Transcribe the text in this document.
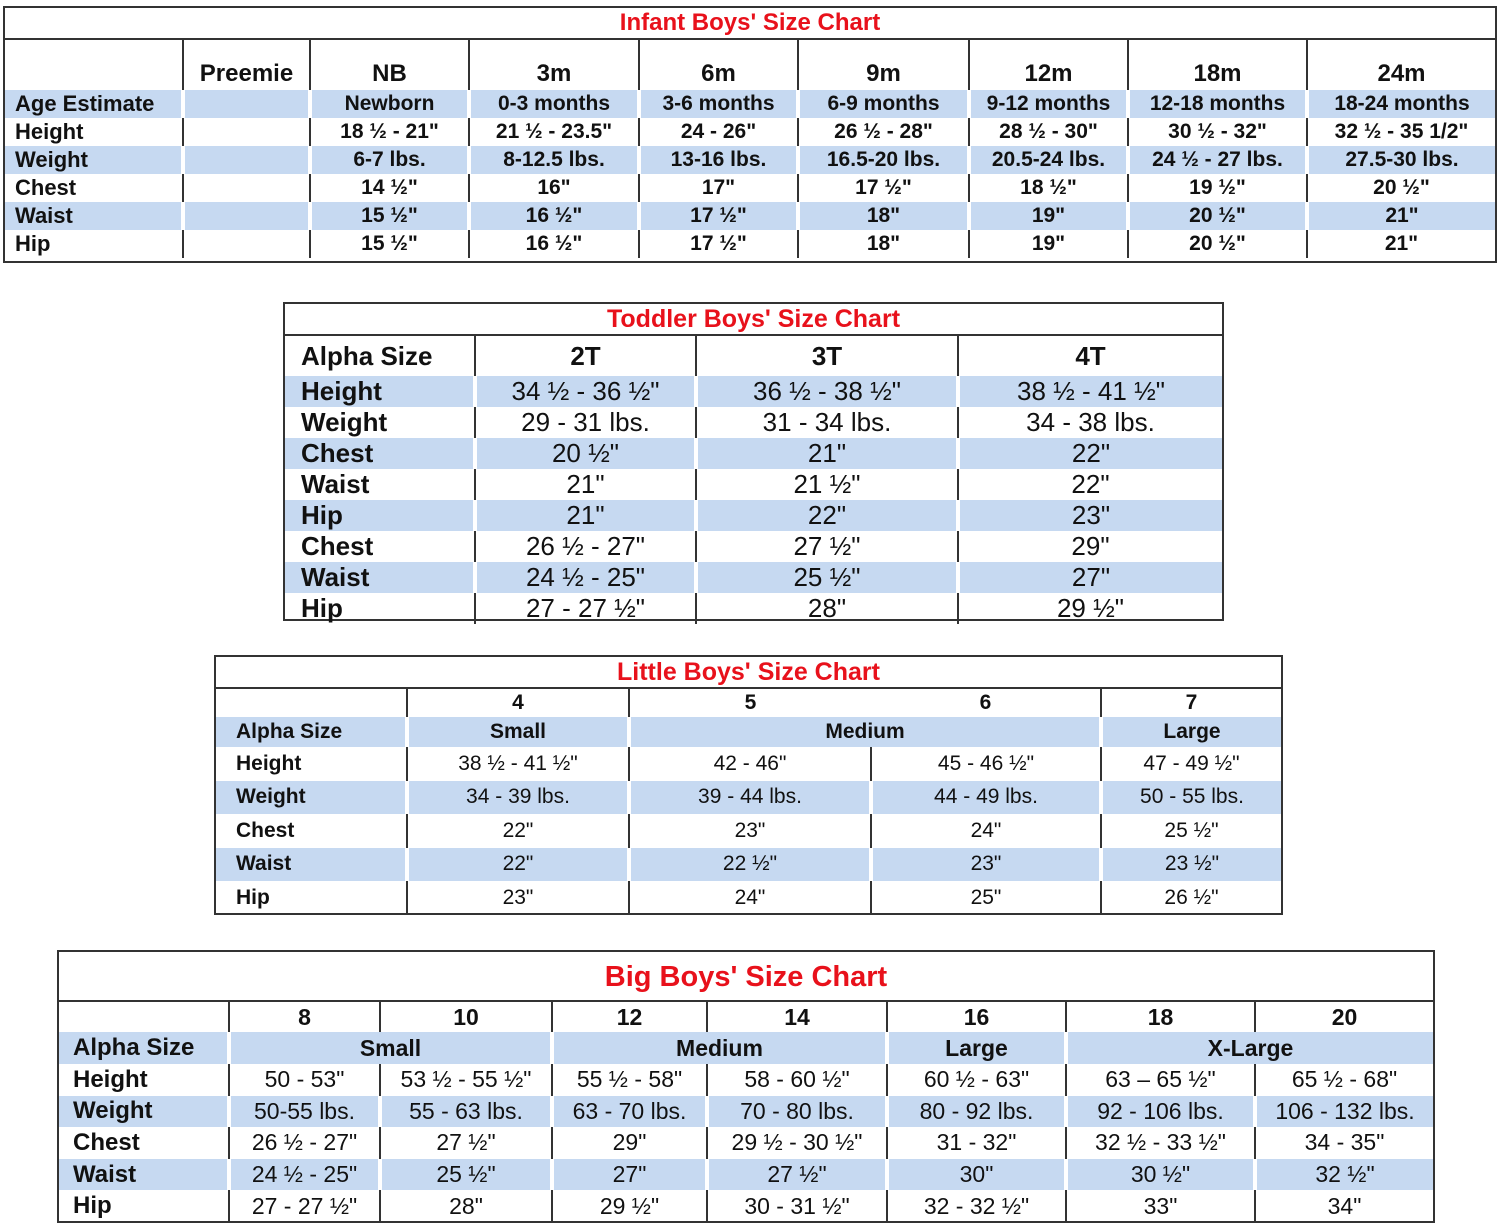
Infant Boys' Size Chart
	Preemie	NB	3m	6m	9m	12m	18m	24m
Age Estimate		Newborn	0-3 months	3-6 months	6-9 months	9-12 months	12-18 months	18-24 months
Height		18 ½ - 21"	21 ½ - 23.5"	24 - 26"	26 ½ - 28"	28 ½ - 30"	30 ½ - 32"	32 ½ - 35 1/2"
Weight		6-7 lbs.	8-12.5 lbs.	13-16 lbs.	16.5-20 lbs.	20.5-24 lbs.	24 ½ - 27 lbs.	27.5-30 lbs.
Chest		14 ½"	16"	17"	17 ½"	18 ½"	19 ½"	20 ½"
Waist		15 ½"	16 ½"	17 ½"	18"	19"	20 ½"	21"
Hip		15 ½"	16 ½"	17 ½"	18"	19"	20 ½"	21"
Toddler Boys' Size Chart
Alpha Size	2T	3T	4T
Height	34 ½ - 36 ½"	36 ½ - 38 ½"	38 ½ - 41 ½"
Weight	29 - 31 lbs.	31 - 34 lbs.	34 - 38 lbs.
Chest	20 ½"	21"	22"
Waist	21"	21 ½"	22"
Hip	21"	22"	23"
Chest	26 ½ - 27"	27 ½"	29"
Waist	24 ½ - 25"	25 ½"	27"
Hip	27 - 27 ½"	28"	29 ½"
Little Boys' Size Chart
	4	5	6	7
Alpha Size	Small	Medium		Large
Height	38 ½ - 41 ½"	42 - 46"	45 - 46 ½"	47 - 49 ½"
Weight	34 - 39 lbs.	39 - 44 lbs.	44 - 49 lbs.	50 - 55 lbs.
Chest	22"	23"	24"	25 ½"
Waist	22"	22 ½"	23"	23 ½"
Hip	23"	24"	25"	26 ½"
Big Boys' Size Chart
	8	10	12	14	16	18	20
Alpha Size	Small		Medium		Large	X-Large	
Height	50 - 53"	53 ½ - 55 ½"	55 ½ - 58"	58 - 60 ½"	60 ½ - 63"	63 – 65 ½"	65 ½ - 68"
Weight	50-55 lbs.	55 - 63 lbs.	63 - 70 lbs.	70 - 80 lbs.	80 - 92 lbs.	92 - 106 lbs.	106 - 132 lbs.
Chest	26 ½ - 27"	27 ½"	29"	29 ½ - 30 ½"	31 - 32"	32 ½ - 33 ½"	34 - 35"
Waist	24 ½ - 25"	25 ½"	27"	27 ½"	30"	30 ½"	32 ½"
Hip	27 - 27 ½"	28"	29 ½"	30 - 31 ½"	32 - 32 ½"	33"	34"
